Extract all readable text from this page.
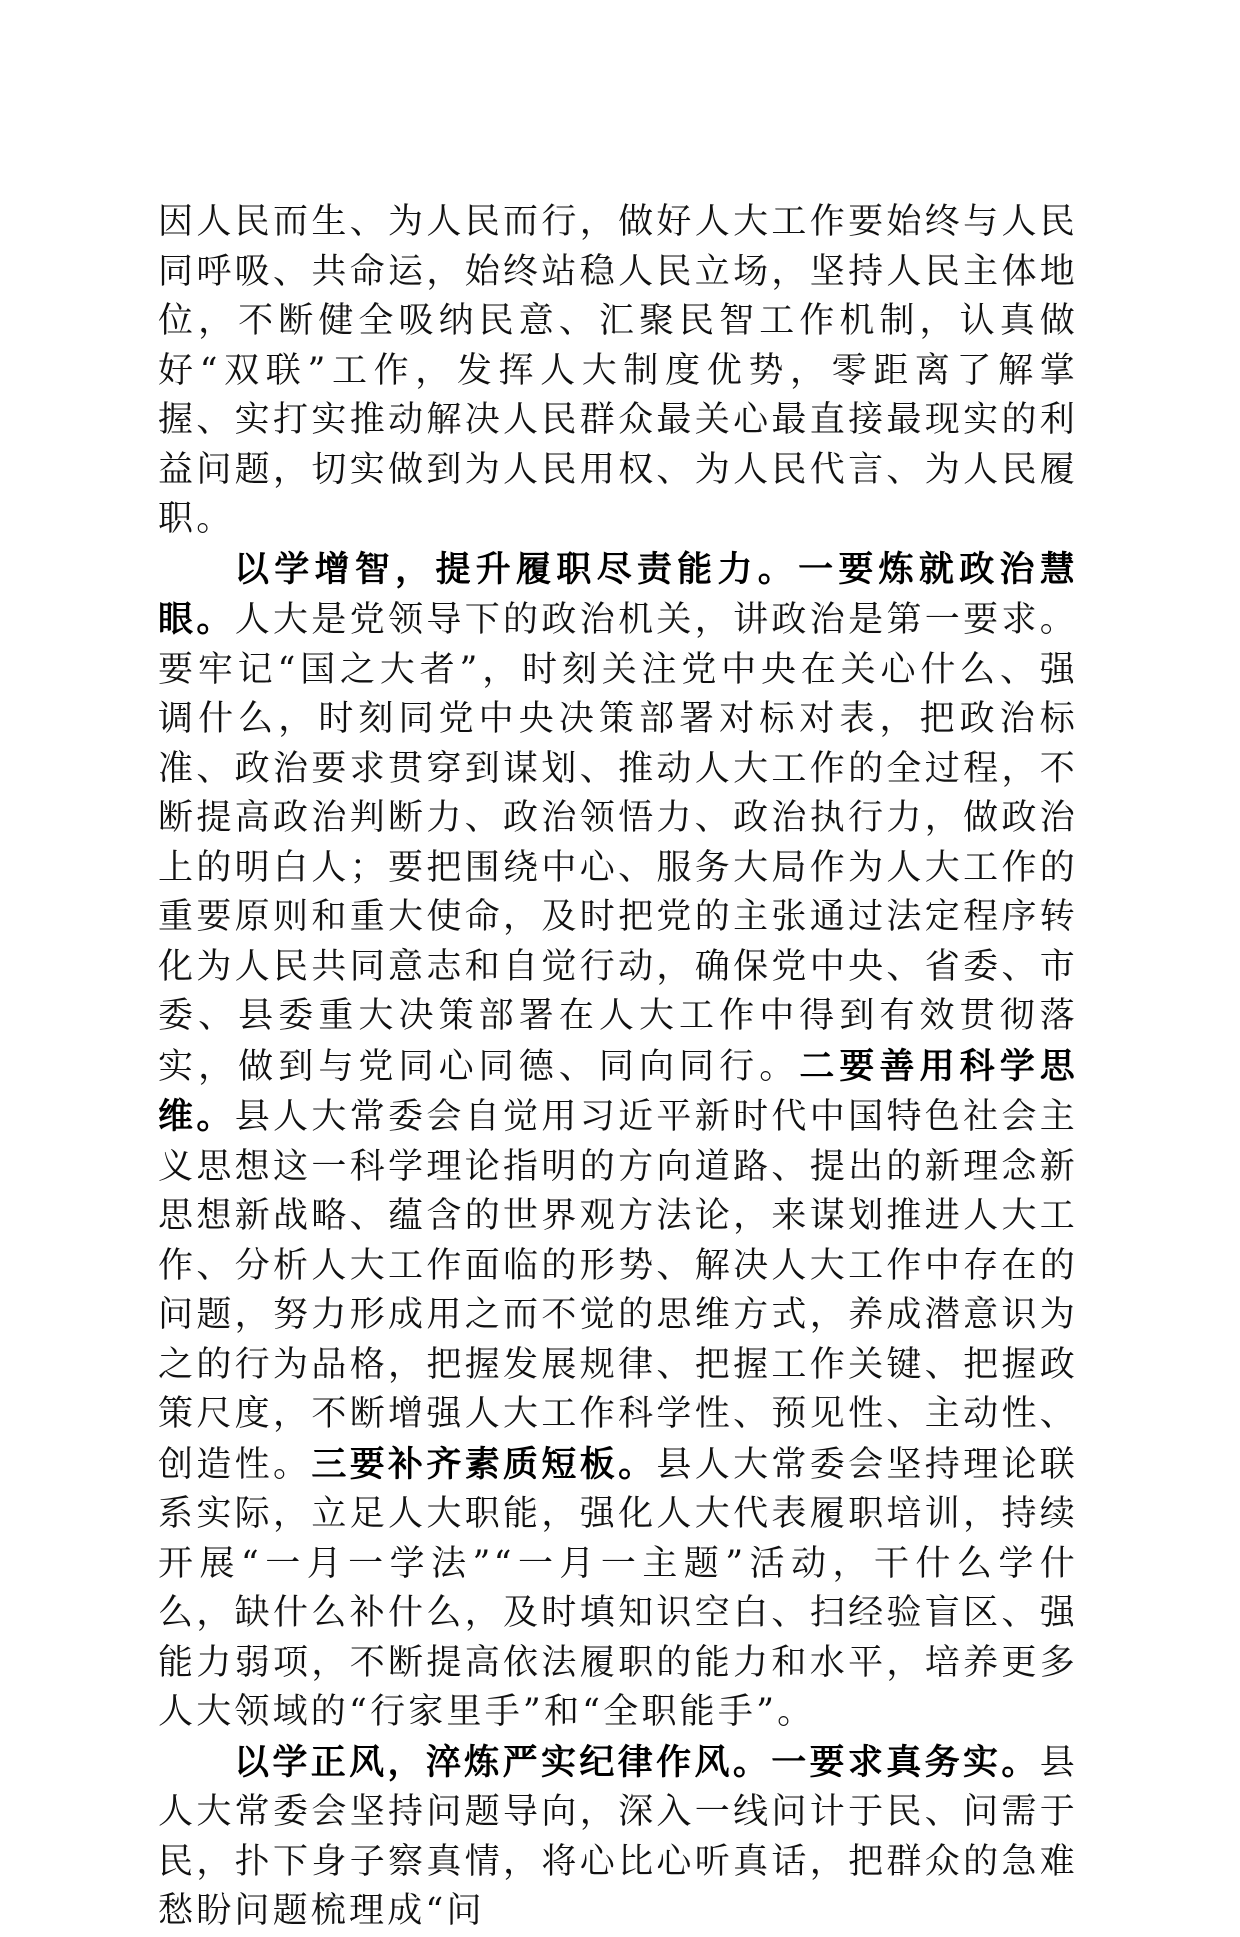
因人民而生、为人民而行，做好人大工作要始终与人民同呼吸、共命运，始终站稳人民立场，坚持人民主体地位，不断健全吸纳民意、汇聚民智工作机制，认真做好“双联”工作，发挥人大制度优势，零距离了解掌握、实打实推动解决人民群众最关心最直接最现实的利益问题，切实做到为人民用权、为人民代言、为人民履职。

以学增智，提升履职尽责能力。一要炼就政治慧眼。人大是党领导下的政治机关，讲政治是第一要求。要牢记“国之大者”，时刻关注党中央在关心什么、强调什么，时刻同党中央决策部署对标对表，把政治标准、政治要求贯穿到谋划、推动人大工作的全过程，不断提高政治判断力、政治领悟力、政治执行力，做政治上的明白人；要把围绕中心、服务大局作为人大工作的重要原则和重大使命，及时把党的主张通过法定程序转化为人民共同意志和自觉行动，确保党中央、省委、市委、县委重大决策部署在人大工作中得到有效贯彻落实，做到与党同心同德、同向同行。二要善用科学思维。县人大常委会自觉用习近平新时代中国特色社会主义思想这一科学理论指明的方向道路、提出的新理念新思想新战略、蕴含的世界观方法论，来谋划推进人大工作、分析人大工作面临的形势、解决人大工作中存在的问题，努力形成用之而不觉的思维方式，养成潜意识为之的行为品格，把握发展规律、把握工作关键、把握政策尺度，不断增强人大工作科学性、预见性、主动性、创造性。三要补齐素质短板。县人大常委会坚持理论联系实际，立足人大职能，强化人大代表履职培训，持续开展“一月一学法”“一月一主题”活动，干什么学什么，缺什么补什么，及时填知识空白、扫经验盲区、强能力弱项，不断提高依法履职的能力和水平，培养更多人大领域的“行家里手”和“全职能手”。

以学正风，淬炼严实纪律作风。一要求真务实。县人大常委会坚持问题导向，深入一线问计于民、问需于民，扑下身子察真情，将心比心听真话，把群众的急难愁盼问题梳理成“问
